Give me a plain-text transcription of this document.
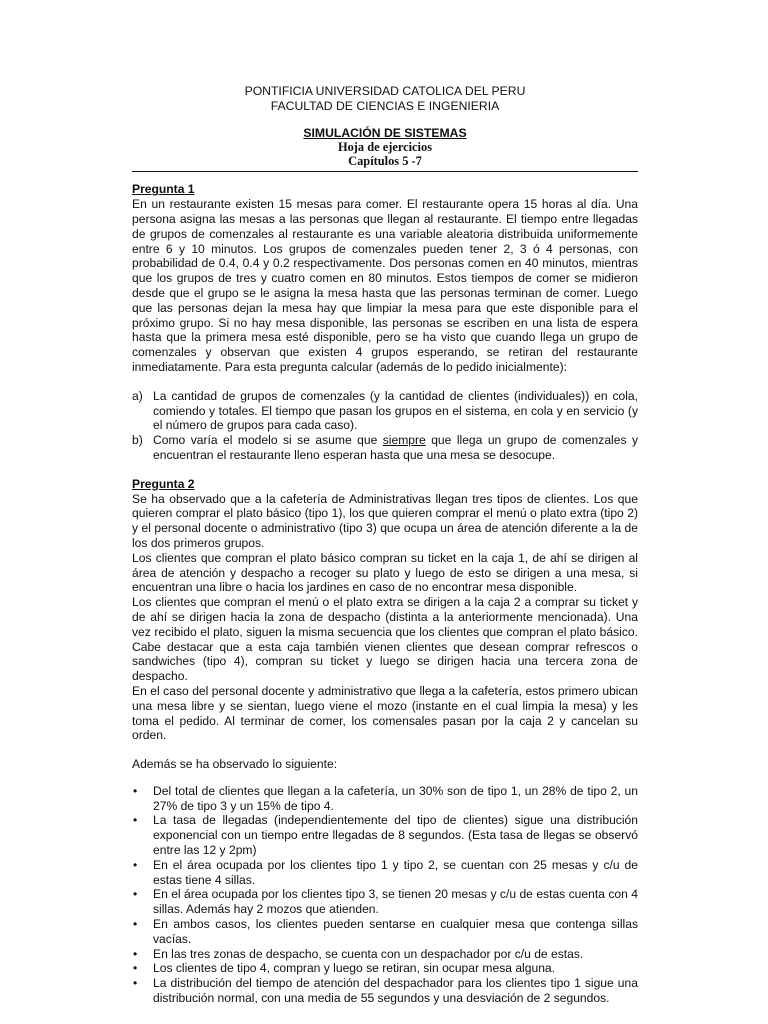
PONTIFICIA UNIVERSIDAD CATOLICA DEL PERU
FACULTAD DE CIENCIAS E INGENIERIA
SIMULACIÓN DE SISTEMAS
Hoja de ejercicios
Capítulos 5 -7
Pregunta 1

En un restaurante existen 15 mesas para comer. El restaurante opera 15 horas al día. Una persona asigna las mesas a las personas que llegan al restaurante. El tiempo entre llegadas de grupos de comenzales al restaurante es una variable aleatoria distribuida uniformemente entre 6 y 10 minutos. Los grupos de comenzales pueden tener 2, 3 ó 4 personas, con probabilidad de 0.4, 0.4 y 0.2 respectivamente. Dos personas comen en 40 minutos, mientras que los grupos de tres y cuatro comen en 80 minutos. Estos tiempos de comer se midieron desde que el grupo se le asigna la mesa hasta que las personas terminan de comer. Luego que las personas dejan la mesa hay que limpiar la mesa para que este disponible para el próximo grupo. Si no hay mesa disponible, las personas se escriben en una lista de espera hasta que la primera mesa esté disponible, pero se ha visto que cuando llega un grupo de comenzales y observan que existen 4 grupos esperando, se retiran del restaurante inmediatamente. Para esta pregunta calcular (además de lo pedido inicialmente):

a) La cantidad de grupos de comenzales (y la cantidad de clientes (individuales)) en cola, comiendo y totales. El tiempo que pasan los grupos en el sistema, en cola y en servicio (y el número de grupos para cada caso).
b) Como varía el modelo si se asume que siempre que llega un grupo de comenzales y encuentran el restaurante lleno esperan hasta que una mesa se desocupe.
Pregunta 2

Se ha observado que a la cafetería de Administrativas llegan tres tipos de clientes. Los que quieren comprar el plato básico (tipo 1), los que quieren comprar el menú o plato extra (tipo 2) y el personal docente o administrativo (tipo 3) que ocupa un área de atención diferente a la de los dos primeros grupos.

Los clientes que compran el plato básico compran su ticket en la caja 1, de ahí se dirigen al área de atención y despacho a recoger su plato y luego de esto se dirigen a una mesa, si encuentran una libre o hacia los jardines en caso de no encontrar mesa disponible.

Los clientes que compran el menú o el plato extra se dirigen a la caja 2 a comprar su ticket y de ahí se dirigen hacia la zona de despacho (distinta a la anteriormente mencionada). Una vez recibido el plato, siguen la misma secuencia que los clientes que compran el plato básico. Cabe destacar que a esta caja también vienen clientes que desean comprar refrescos o sandwiches (tipo 4), compran su ticket y luego se dirigen hacia una tercera zona de despacho.

En el caso del personal docente y administrativo que llega a la cafetería, estos primero ubican una mesa libre y se sientan, luego viene el mozo (instante en el cual limpia la mesa) y les toma el pedido. Al terminar de comer, los comensales pasan por la caja 2 y cancelan su orden.

Además se ha observado lo siguiente:

• Del total de clientes que llegan a la cafetería, un 30% son de tipo 1, un 28% de tipo 2, un 27% de tipo 3 y un 15% de tipo 4.
• La tasa de llegadas (independientemente del tipo de clientes) sigue una distribución exponencial con un tiempo entre llegadas de 8 segundos. (Esta tasa de llegas se observó entre las 12 y 2pm)
• En el área ocupada por los clientes tipo 1 y tipo 2, se cuentan con 25 mesas y c/u de estas tiene 4 sillas.
• En el área ocupada por los clientes tipo 3, se tienen 20 mesas y c/u de estas cuenta con 4 sillas. Además hay 2 mozos que atienden.
• En ambos casos, los clientes pueden sentarse en cualquier mesa que contenga sillas vacías.
• En las tres zonas de despacho, se cuenta con un despachador por c/u de estas.
• Los clientes de tipo 4, compran y luego se retiran, sin ocupar mesa alguna.
• La distribución del tiempo de atención del despachador para los clientes tipo 1 sigue una distribución normal, con una media de 55 segundos y una desviación de 2 segundos.
